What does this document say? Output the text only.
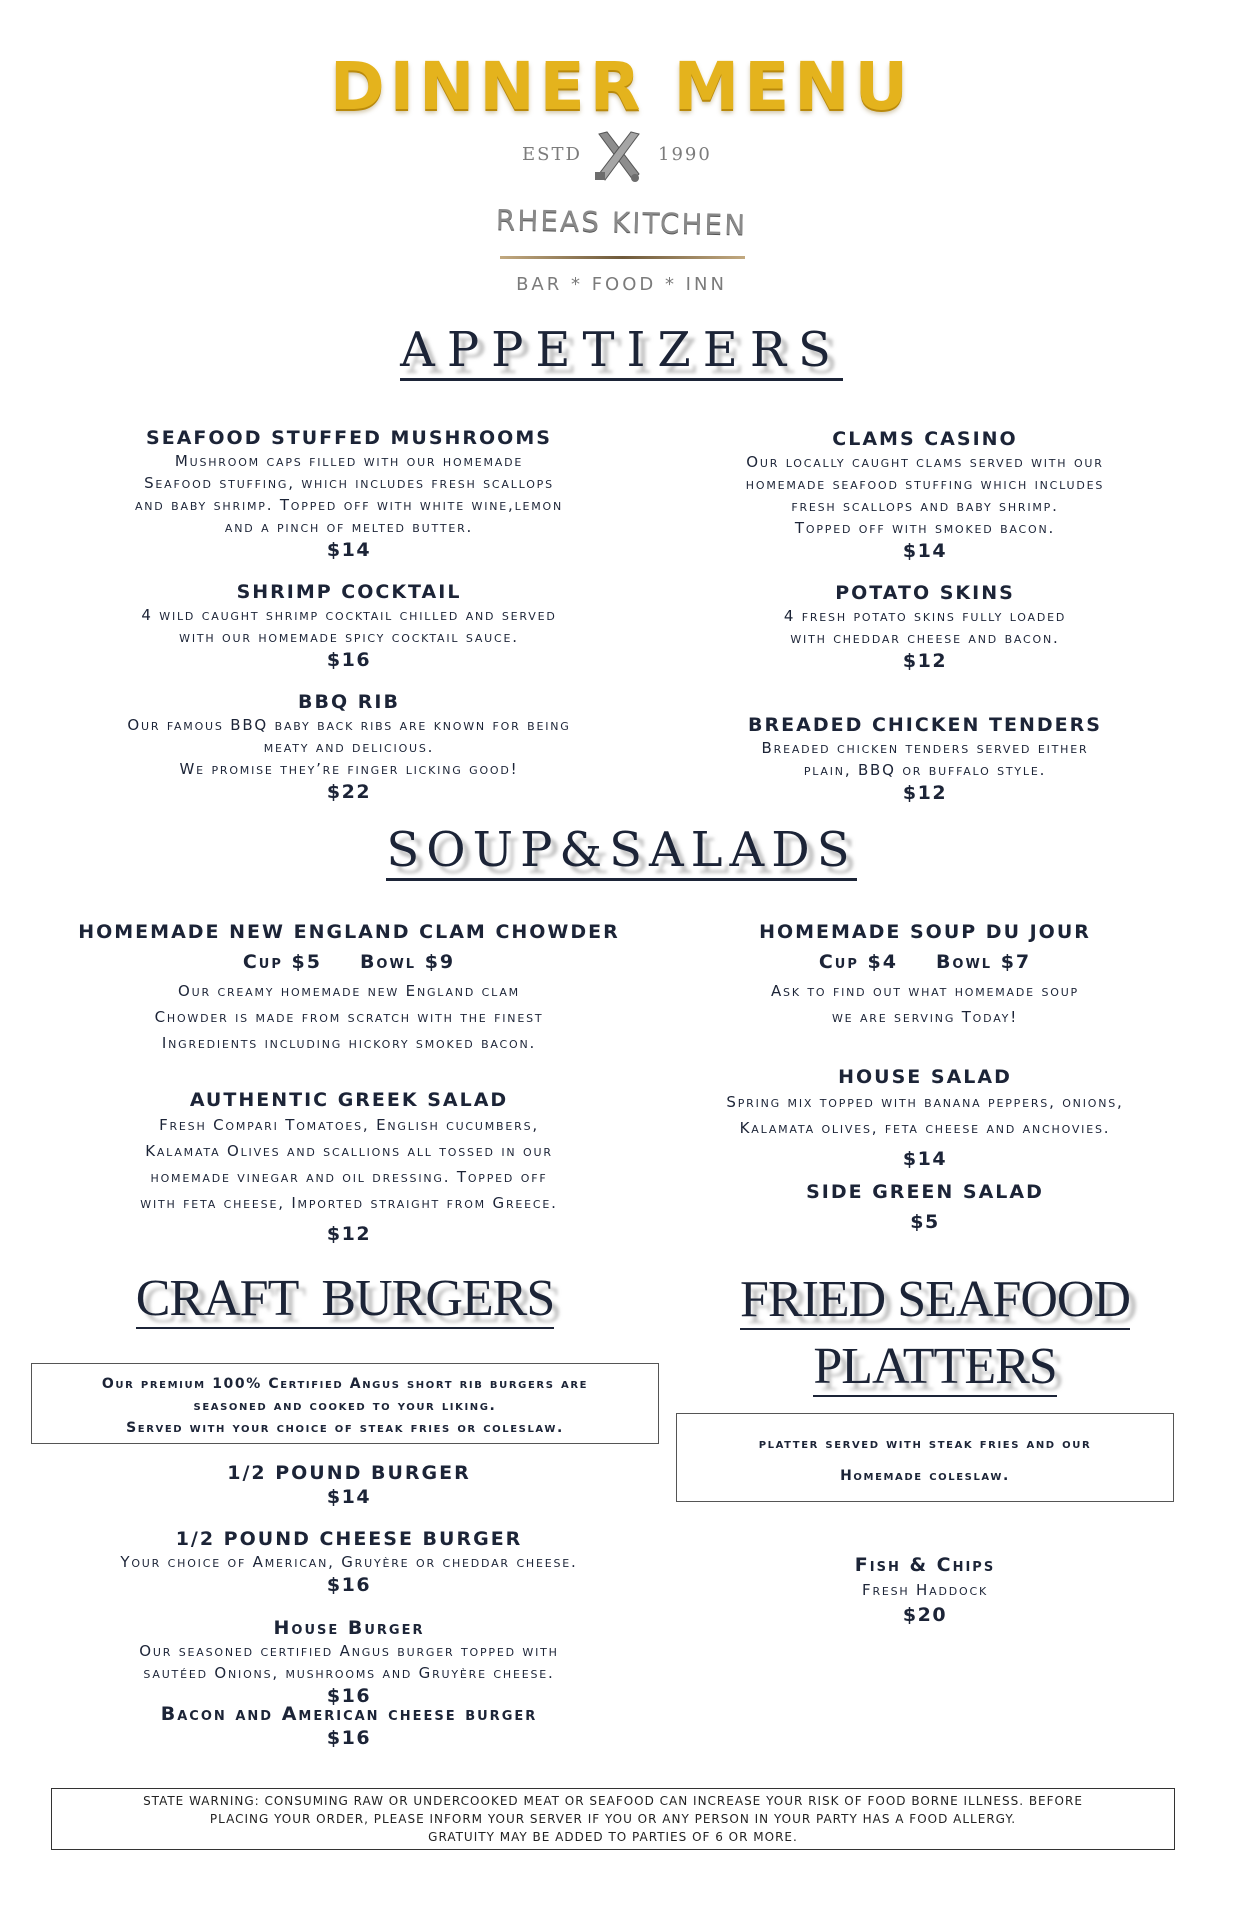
DINNER MENU
ESTD	1990
RHEAS KITCHEN
BAR * FOOD * INN
APPETIZERS
SEAFOOD STUFFED MUSHROOMS
Mushroom caps filled with our homemade
Seafood stuffing, which includes fresh scallops
and baby shrimp. Topped off with white wine,lemon
and a pinch of melted butter.
$14
CLAMS CASINO
Our locally caught clams served with our
homemade seafood stuffing which includes
fresh scallops and baby shrimp.
Topped off with smoked bacon.
$14
SHRIMP COCKTAIL
4 wild caught shrimp cocktail chilled and served
with our homemade spicy cocktail sauce.
$16
POTATO SKINS
4 fresh potato skins fully loaded
with cheddar cheese and bacon.
$12
BBQ RIB
Our famous BBQ baby back ribs are known for being
meaty and delicious.
We promise they’re finger licking good!
$22
BREADED CHICKEN TENDERS
Breaded chicken tenders served either
plain, BBQ or buffalo style.
$12
SOUP&SALADS
HOMEMADE NEW ENGLAND CLAM CHOWDER
Cup $5 Bowl $9
Our creamy homemade new England clam
Chowder is made from scratch with the finest
Ingredients including hickory smoked bacon.
HOMEMADE SOUP DU JOUR
Cup $4 Bowl $7
Ask to find out what homemade soup
we are serving Today!
AUTHENTIC GREEK SALAD
Fresh Compari Tomatoes, English cucumbers,
Kalamata Olives and scallions all tossed in our
homemade vinegar and oil dressing. Topped off
with feta cheese, Imported straight from Greece.
$12
HOUSE SALAD
Spring mix topped with banana peppers, onions,
Kalamata olives, feta cheese and anchovies.
$14
SIDE GREEN SALAD
$5
CRAFT  BURGERS
Our premium 100% Certified Angus short rib burgers are
seasoned and cooked to your liking.
Served with your choice of steak fries or coleslaw.
1/2 POUND BURGER
$14
1/2 POUND CHEESE BURGER
Your choice of American, Gruyère or cheddar cheese.
$16
House Burger
Our seasoned certified Angus burger topped with
sautéed Onions, mushrooms and Gruyère cheese.
$16
Bacon and American cheese burger
$16
FRIED SEAFOOD
PLATTERS
platter served with steak fries and our
Homemade coleslaw.
Fish & Chips
Fresh Haddock
$20
STATE WARNING: CONSUMING RAW OR UNDERCOOKED MEAT OR SEAFOOD CAN INCREASE YOUR RISK OF FOOD BORNE ILLNESS. BEFORE
PLACING YOUR ORDER, PLEASE INFORM YOUR SERVER IF YOU OR ANY PERSON IN YOUR PARTY HAS A FOOD ALLERGY.
GRATUITY MAY BE ADDED TO PARTIES OF 6 OR MORE.
